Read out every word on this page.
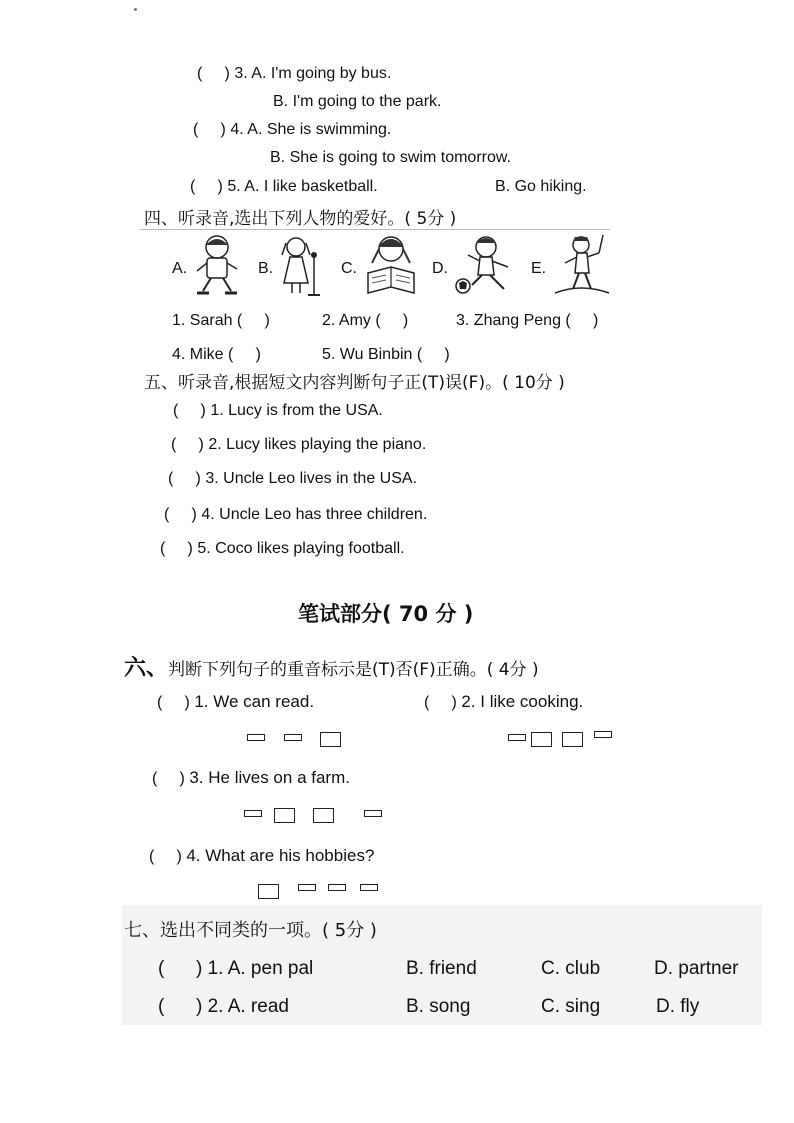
(     ) 3. A. I'm going by bus.
B. I'm going to the park.
(     ) 4. A. She is swimming.
B. She is going to swim tomorrow.
(     ) 5. A. I like basketball.	B. Go hiking.
四、听录音,选出下列人物的爱好。( 5分 )
A.	B.	C.	D.	E.
1. Sarah (     )	2. Amy (     )	3. Zhang Peng (     )
4. Mike (     )	5. Wu Binbin (     )
五、听录音,根据短文内容判断句子正(T)误(F)。( 10分 )
(     ) 1. Lucy is from the USA.
(     ) 2. Lucy likes playing the piano.
(     ) 3. Uncle Leo lives in the USA.
(     ) 4. Uncle Leo has three children.
(     ) 5. Coco likes playing football.
笔试部分( 70 分 )
六、判断下列句子的重音标示是(T)否(F)正确。( 4分 )
(     ) 1. We can read.	(     ) 2. I like cooking.
(     ) 3. He lives on a farm.
(     ) 4. What are his hobbies?
七、选出不同类的一项。( 5分 )
(      ) 1. A. pen pal	B. friend	C. club	D. partner
(      ) 2. A. read	B. song	C. sing	D. fly
